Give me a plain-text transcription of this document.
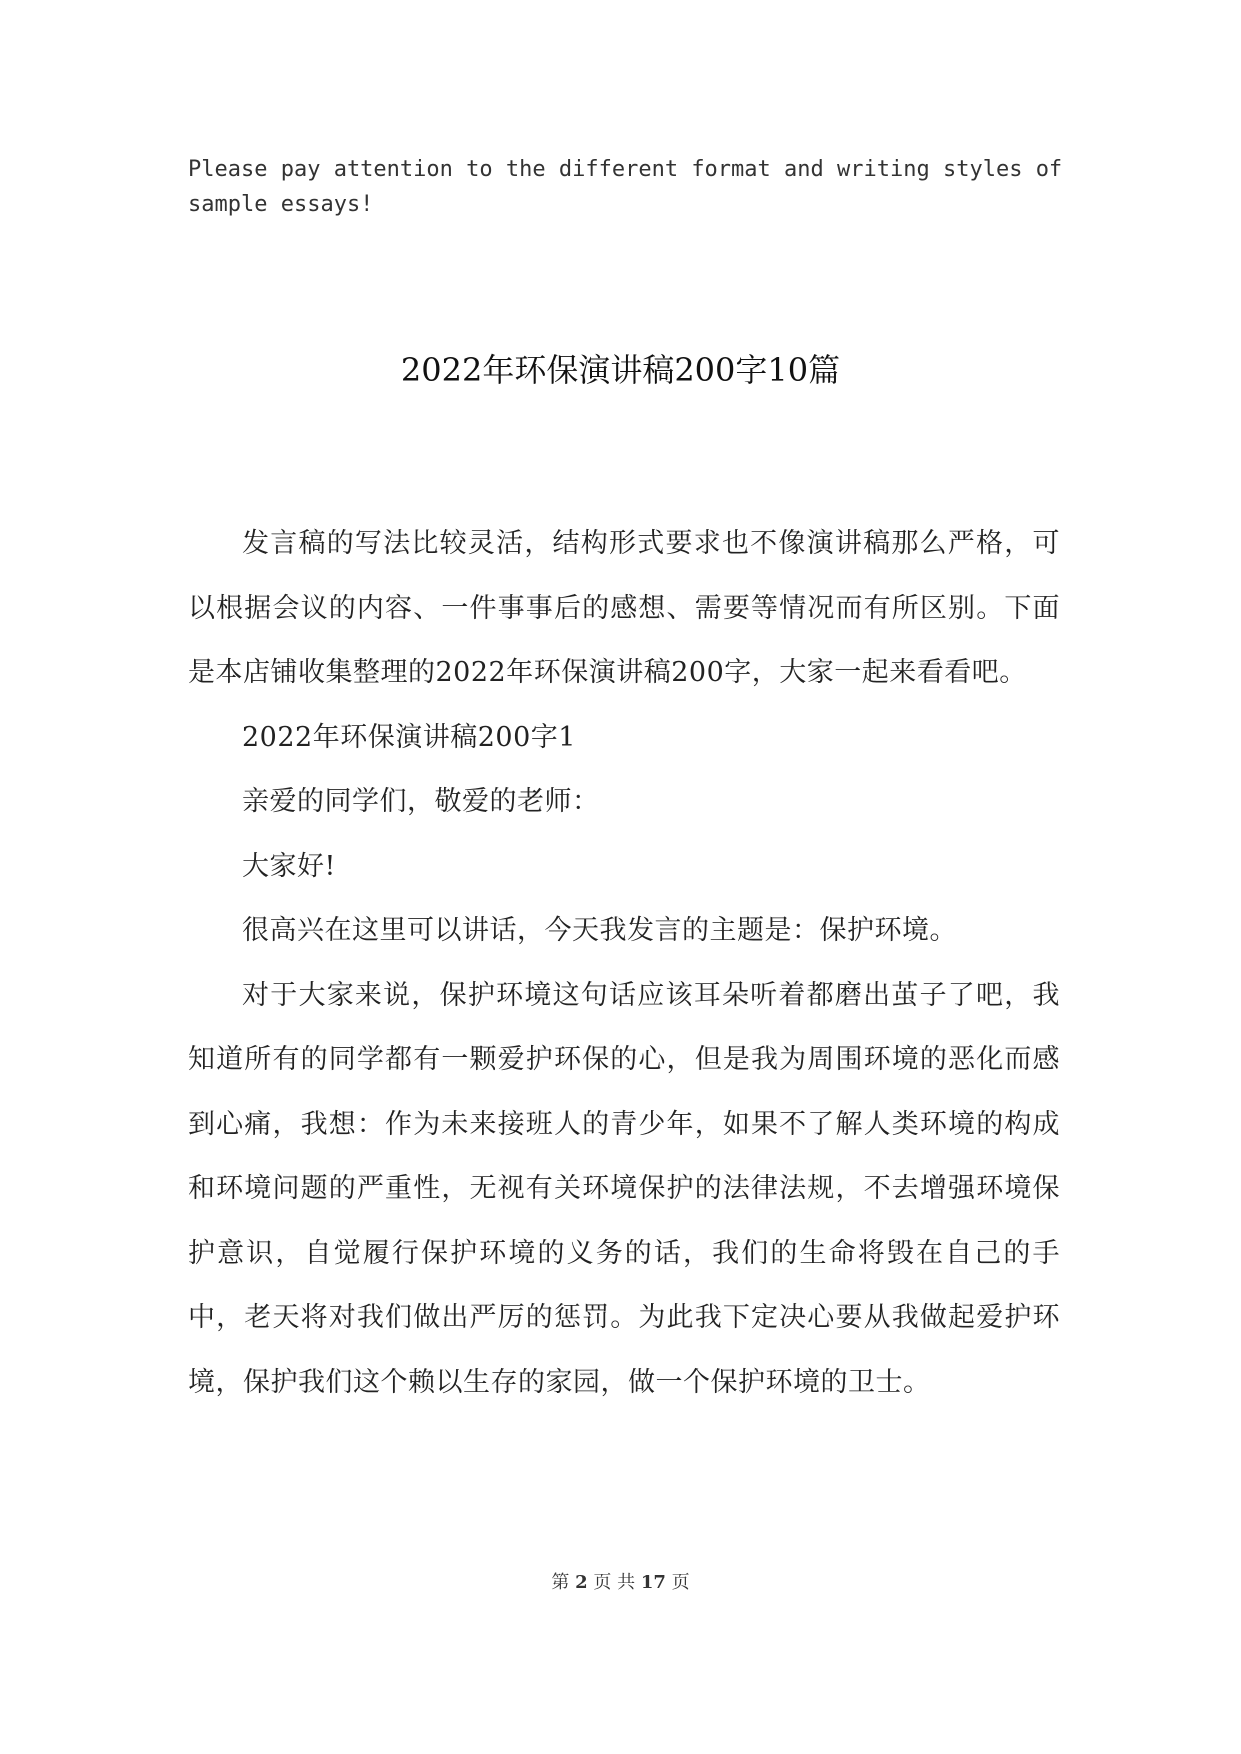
Please pay attention to the different format and writing styles of sample essays!

2022年环保演讲稿200字10篇

发言稿的写法比较灵活，结构形式要求也不像演讲稿那么严格，可以根据会议的内容、一件事事后的感想、需要等情况而有所区别。下面是本店铺收集整理的2022年环保演讲稿200字，大家一起来看看吧。

2022年环保演讲稿200字1

亲爱的同学们，敬爱的老师：

大家好!

很高兴在这里可以讲话，今天我发言的主题是：保护环境。

对于大家来说，保护环境这句话应该耳朵听着都磨出茧子了吧，我知道所有的同学都有一颗爱护环保的心，但是我为周围环境的恶化而感到心痛，我想：作为未来接班人的青少年，如果不了解人类环境的构成和环境问题的严重性，无视有关环境保护的法律法规，不去增强环境保护意识，自觉履行保护环境的义务的话，我们的生命将毁在自己的手中，老天将对我们做出严厉的惩罚。为此我下定决心要从我做起爱护环境，保护我们这个赖以生存的家园，做一个保护环境的卫士。

第 2 页 共 17 页
